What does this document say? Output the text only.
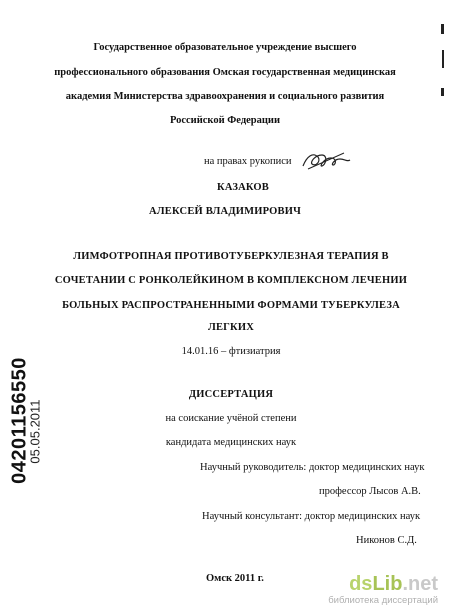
Государственное образовательное учреждение высшего
профессионального образования Омская государственная медицинская
академия Министерства здравоохранения и социального развития
Российской Федерации
на правах рукописи
КАЗАКОВ
АЛЕКСЕЙ ВЛАДИМИРОВИЧ
ЛИМФОТРОПНАЯ ПРОТИВОТУБЕРКУЛЕЗНАЯ ТЕРАПИЯ В
СОЧЕТАНИИ С РОНКОЛЕЙКИНОМ В КОМПЛЕКСНОМ ЛЕЧЕНИИ
БОЛЬНЫХ РАСПРОСТРАНЕННЫМИ ФОРМАМИ ТУБЕРКУЛЕЗА
ЛЕГКИХ
14.01.16 – фтизиатрия
ДИССЕРТАЦИЯ
на соискание учёной степени
кандидата медицинских наук
Научный руководитель: доктор медицинских наук
профессор Лысов А.В.
Научный консультант: доктор медицинских наук
Никонов С.Д.
Омск 2011 г.
04201156550
05.05.2011
dsLib.net
библиотека диссертаций
